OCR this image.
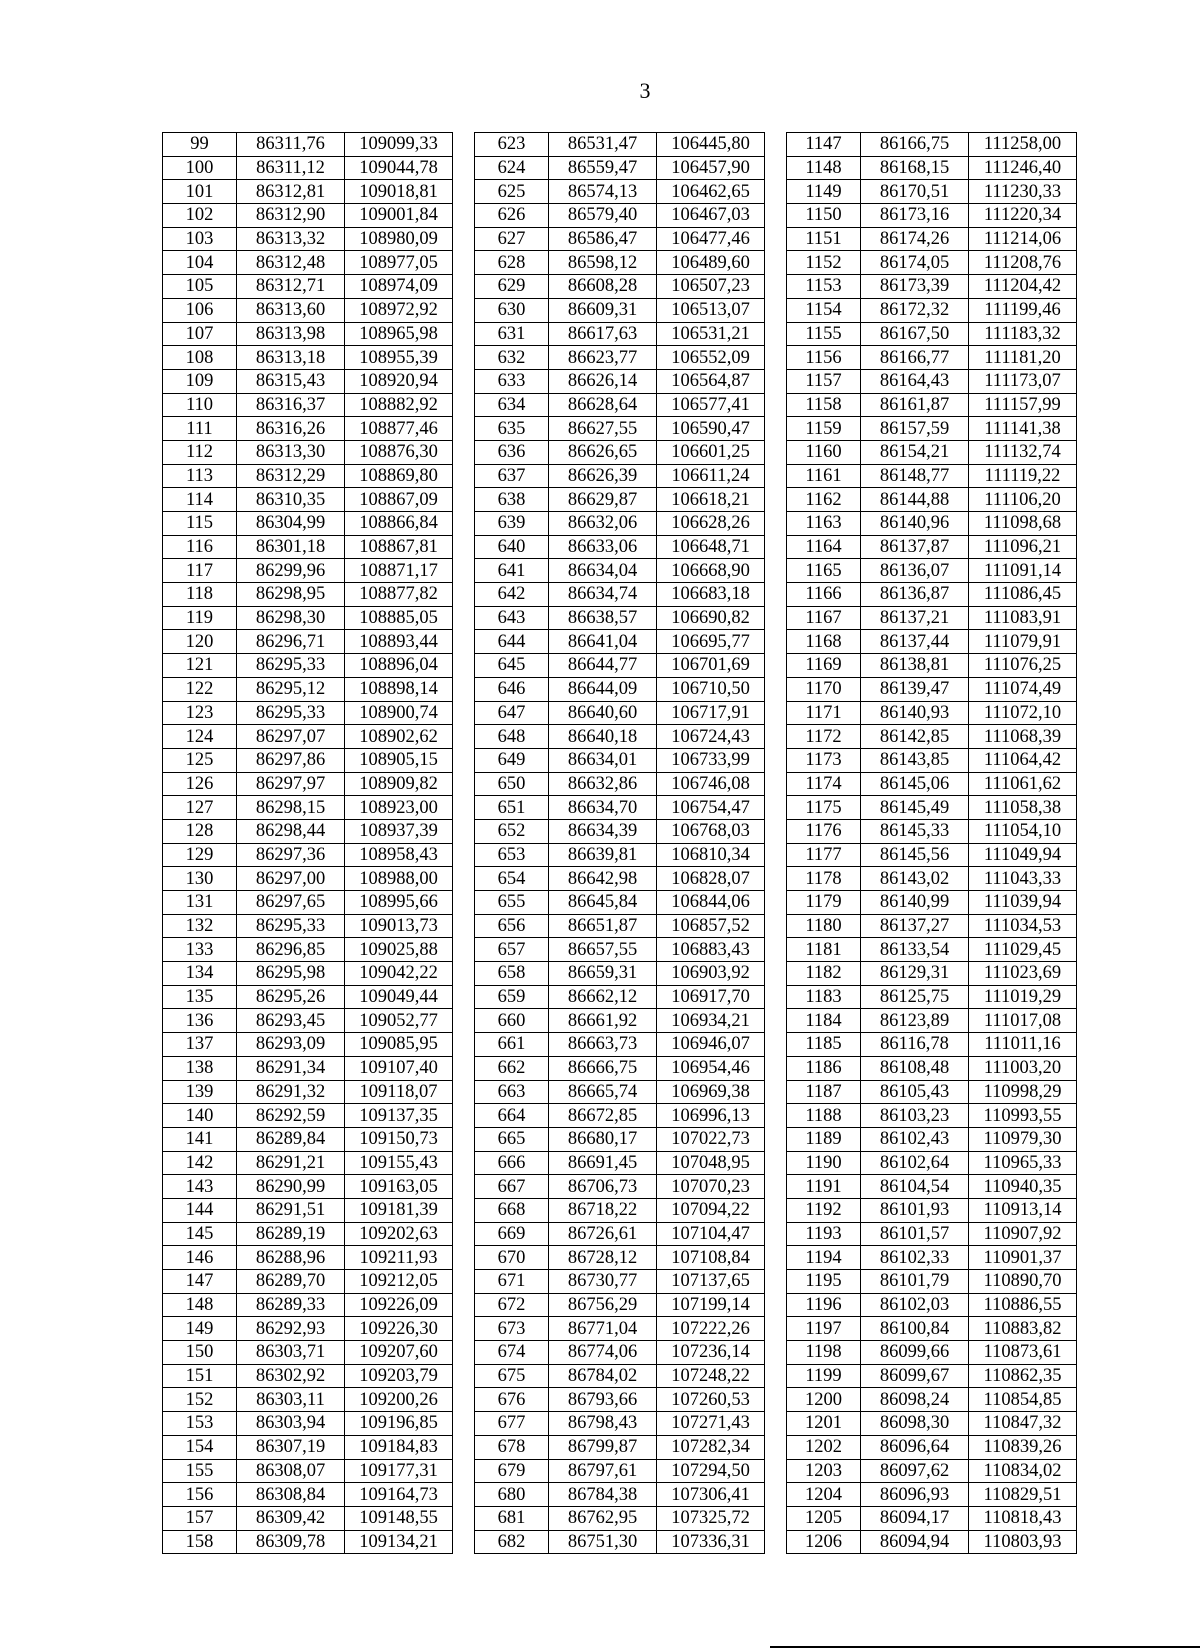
3
99	86311,76	109099,33		623	86531,47	106445,80		1147	86166,75	111258,00
100	86311,12	109044,78		624	86559,47	106457,90		1148	86168,15	111246,40
101	86312,81	109018,81		625	86574,13	106462,65		1149	86170,51	111230,33
102	86312,90	109001,84		626	86579,40	106467,03		1150	86173,16	111220,34
103	86313,32	108980,09		627	86586,47	106477,46		1151	86174,26	111214,06
104	86312,48	108977,05		628	86598,12	106489,60		1152	86174,05	111208,76
105	86312,71	108974,09		629	86608,28	106507,23		1153	86173,39	111204,42
106	86313,60	108972,92		630	86609,31	106513,07		1154	86172,32	111199,46
107	86313,98	108965,98		631	86617,63	106531,21		1155	86167,50	111183,32
108	86313,18	108955,39		632	86623,77	106552,09		1156	86166,77	111181,20
109	86315,43	108920,94		633	86626,14	106564,87		1157	86164,43	111173,07
110	86316,37	108882,92		634	86628,64	106577,41		1158	86161,87	111157,99
111	86316,26	108877,46		635	86627,55	106590,47		1159	86157,59	111141,38
112	86313,30	108876,30		636	86626,65	106601,25		1160	86154,21	111132,74
113	86312,29	108869,80		637	86626,39	106611,24		1161	86148,77	111119,22
114	86310,35	108867,09		638	86629,87	106618,21		1162	86144,88	111106,20
115	86304,99	108866,84		639	86632,06	106628,26		1163	86140,96	111098,68
116	86301,18	108867,81		640	86633,06	106648,71		1164	86137,87	111096,21
117	86299,96	108871,17		641	86634,04	106668,90		1165	86136,07	111091,14
118	86298,95	108877,82		642	86634,74	106683,18		1166	86136,87	111086,45
119	86298,30	108885,05		643	86638,57	106690,82		1167	86137,21	111083,91
120	86296,71	108893,44		644	86641,04	106695,77		1168	86137,44	111079,91
121	86295,33	108896,04		645	86644,77	106701,69		1169	86138,81	111076,25
122	86295,12	108898,14		646	86644,09	106710,50		1170	86139,47	111074,49
123	86295,33	108900,74		647	86640,60	106717,91		1171	86140,93	111072,10
124	86297,07	108902,62		648	86640,18	106724,43		1172	86142,85	111068,39
125	86297,86	108905,15		649	86634,01	106733,99		1173	86143,85	111064,42
126	86297,97	108909,82		650	86632,86	106746,08		1174	86145,06	111061,62
127	86298,15	108923,00		651	86634,70	106754,47		1175	86145,49	111058,38
128	86298,44	108937,39		652	86634,39	106768,03		1176	86145,33	111054,10
129	86297,36	108958,43		653	86639,81	106810,34		1177	86145,56	111049,94
130	86297,00	108988,00		654	86642,98	106828,07		1178	86143,02	111043,33
131	86297,65	108995,66		655	86645,84	106844,06		1179	86140,99	111039,94
132	86295,33	109013,73		656	86651,87	106857,52		1180	86137,27	111034,53
133	86296,85	109025,88		657	86657,55	106883,43		1181	86133,54	111029,45
134	86295,98	109042,22		658	86659,31	106903,92		1182	86129,31	111023,69
135	86295,26	109049,44		659	86662,12	106917,70		1183	86125,75	111019,29
136	86293,45	109052,77		660	86661,92	106934,21		1184	86123,89	111017,08
137	86293,09	109085,95		661	86663,73	106946,07		1185	86116,78	111011,16
138	86291,34	109107,40		662	86666,75	106954,46		1186	86108,48	111003,20
139	86291,32	109118,07		663	86665,74	106969,38		1187	86105,43	110998,29
140	86292,59	109137,35		664	86672,85	106996,13		1188	86103,23	110993,55
141	86289,84	109150,73		665	86680,17	107022,73		1189	86102,43	110979,30
142	86291,21	109155,43		666	86691,45	107048,95		1190	86102,64	110965,33
143	86290,99	109163,05		667	86706,73	107070,23		1191	86104,54	110940,35
144	86291,51	109181,39		668	86718,22	107094,22		1192	86101,93	110913,14
145	86289,19	109202,63		669	86726,61	107104,47		1193	86101,57	110907,92
146	86288,96	109211,93		670	86728,12	107108,84		1194	86102,33	110901,37
147	86289,70	109212,05		671	86730,77	107137,65		1195	86101,79	110890,70
148	86289,33	109226,09		672	86756,29	107199,14		1196	86102,03	110886,55
149	86292,93	109226,30		673	86771,04	107222,26		1197	86100,84	110883,82
150	86303,71	109207,60		674	86774,06	107236,14		1198	86099,66	110873,61
151	86302,92	109203,79		675	86784,02	107248,22		1199	86099,67	110862,35
152	86303,11	109200,26		676	86793,66	107260,53		1200	86098,24	110854,85
153	86303,94	109196,85		677	86798,43	107271,43		1201	86098,30	110847,32
154	86307,19	109184,83		678	86799,87	107282,34		1202	86096,64	110839,26
155	86308,07	109177,31		679	86797,61	107294,50		1203	86097,62	110834,02
156	86308,84	109164,73		680	86784,38	107306,41		1204	86096,93	110829,51
157	86309,42	109148,55		681	86762,95	107325,72		1205	86094,17	110818,43
158	86309,78	109134,21		682	86751,30	107336,31		1206	86094,94	110803,93
